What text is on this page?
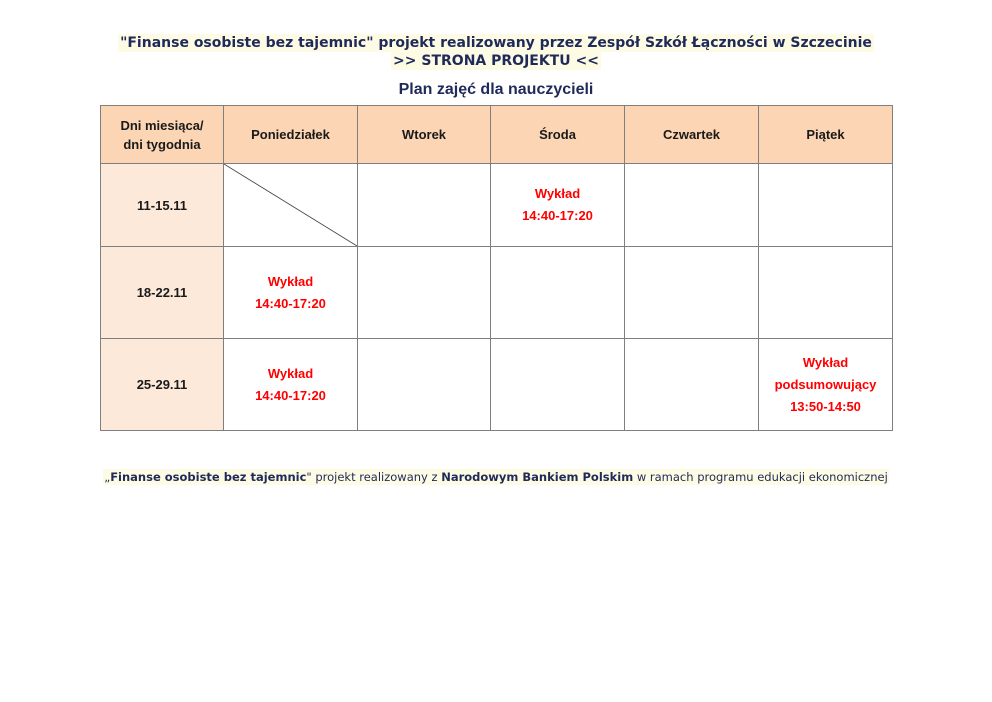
"Finanse osobiste bez tajemnic" projekt realizowany przez Zespół Szkół Łączności w Szczecinie
>> STRONA PROJEKTU <<
Plan zajęć dla nauczycieli
Dni miesiąca/
dni tygodnia	Poniedziałek	Wtorek	Środa	Czwartek	Piątek
11-15.11			Wykład
14:40-17:20		

18-22.11	Wykład
14:40-17:20				

25-29.11	Wykład
14:40-17:20				Wykład
podsumowujący
13:50-14:50
„Finanse osobiste bez tajemnic" projekt realizowany z Narodowym Bankiem Polskim w ramach programu edukacji ekonomicznej
